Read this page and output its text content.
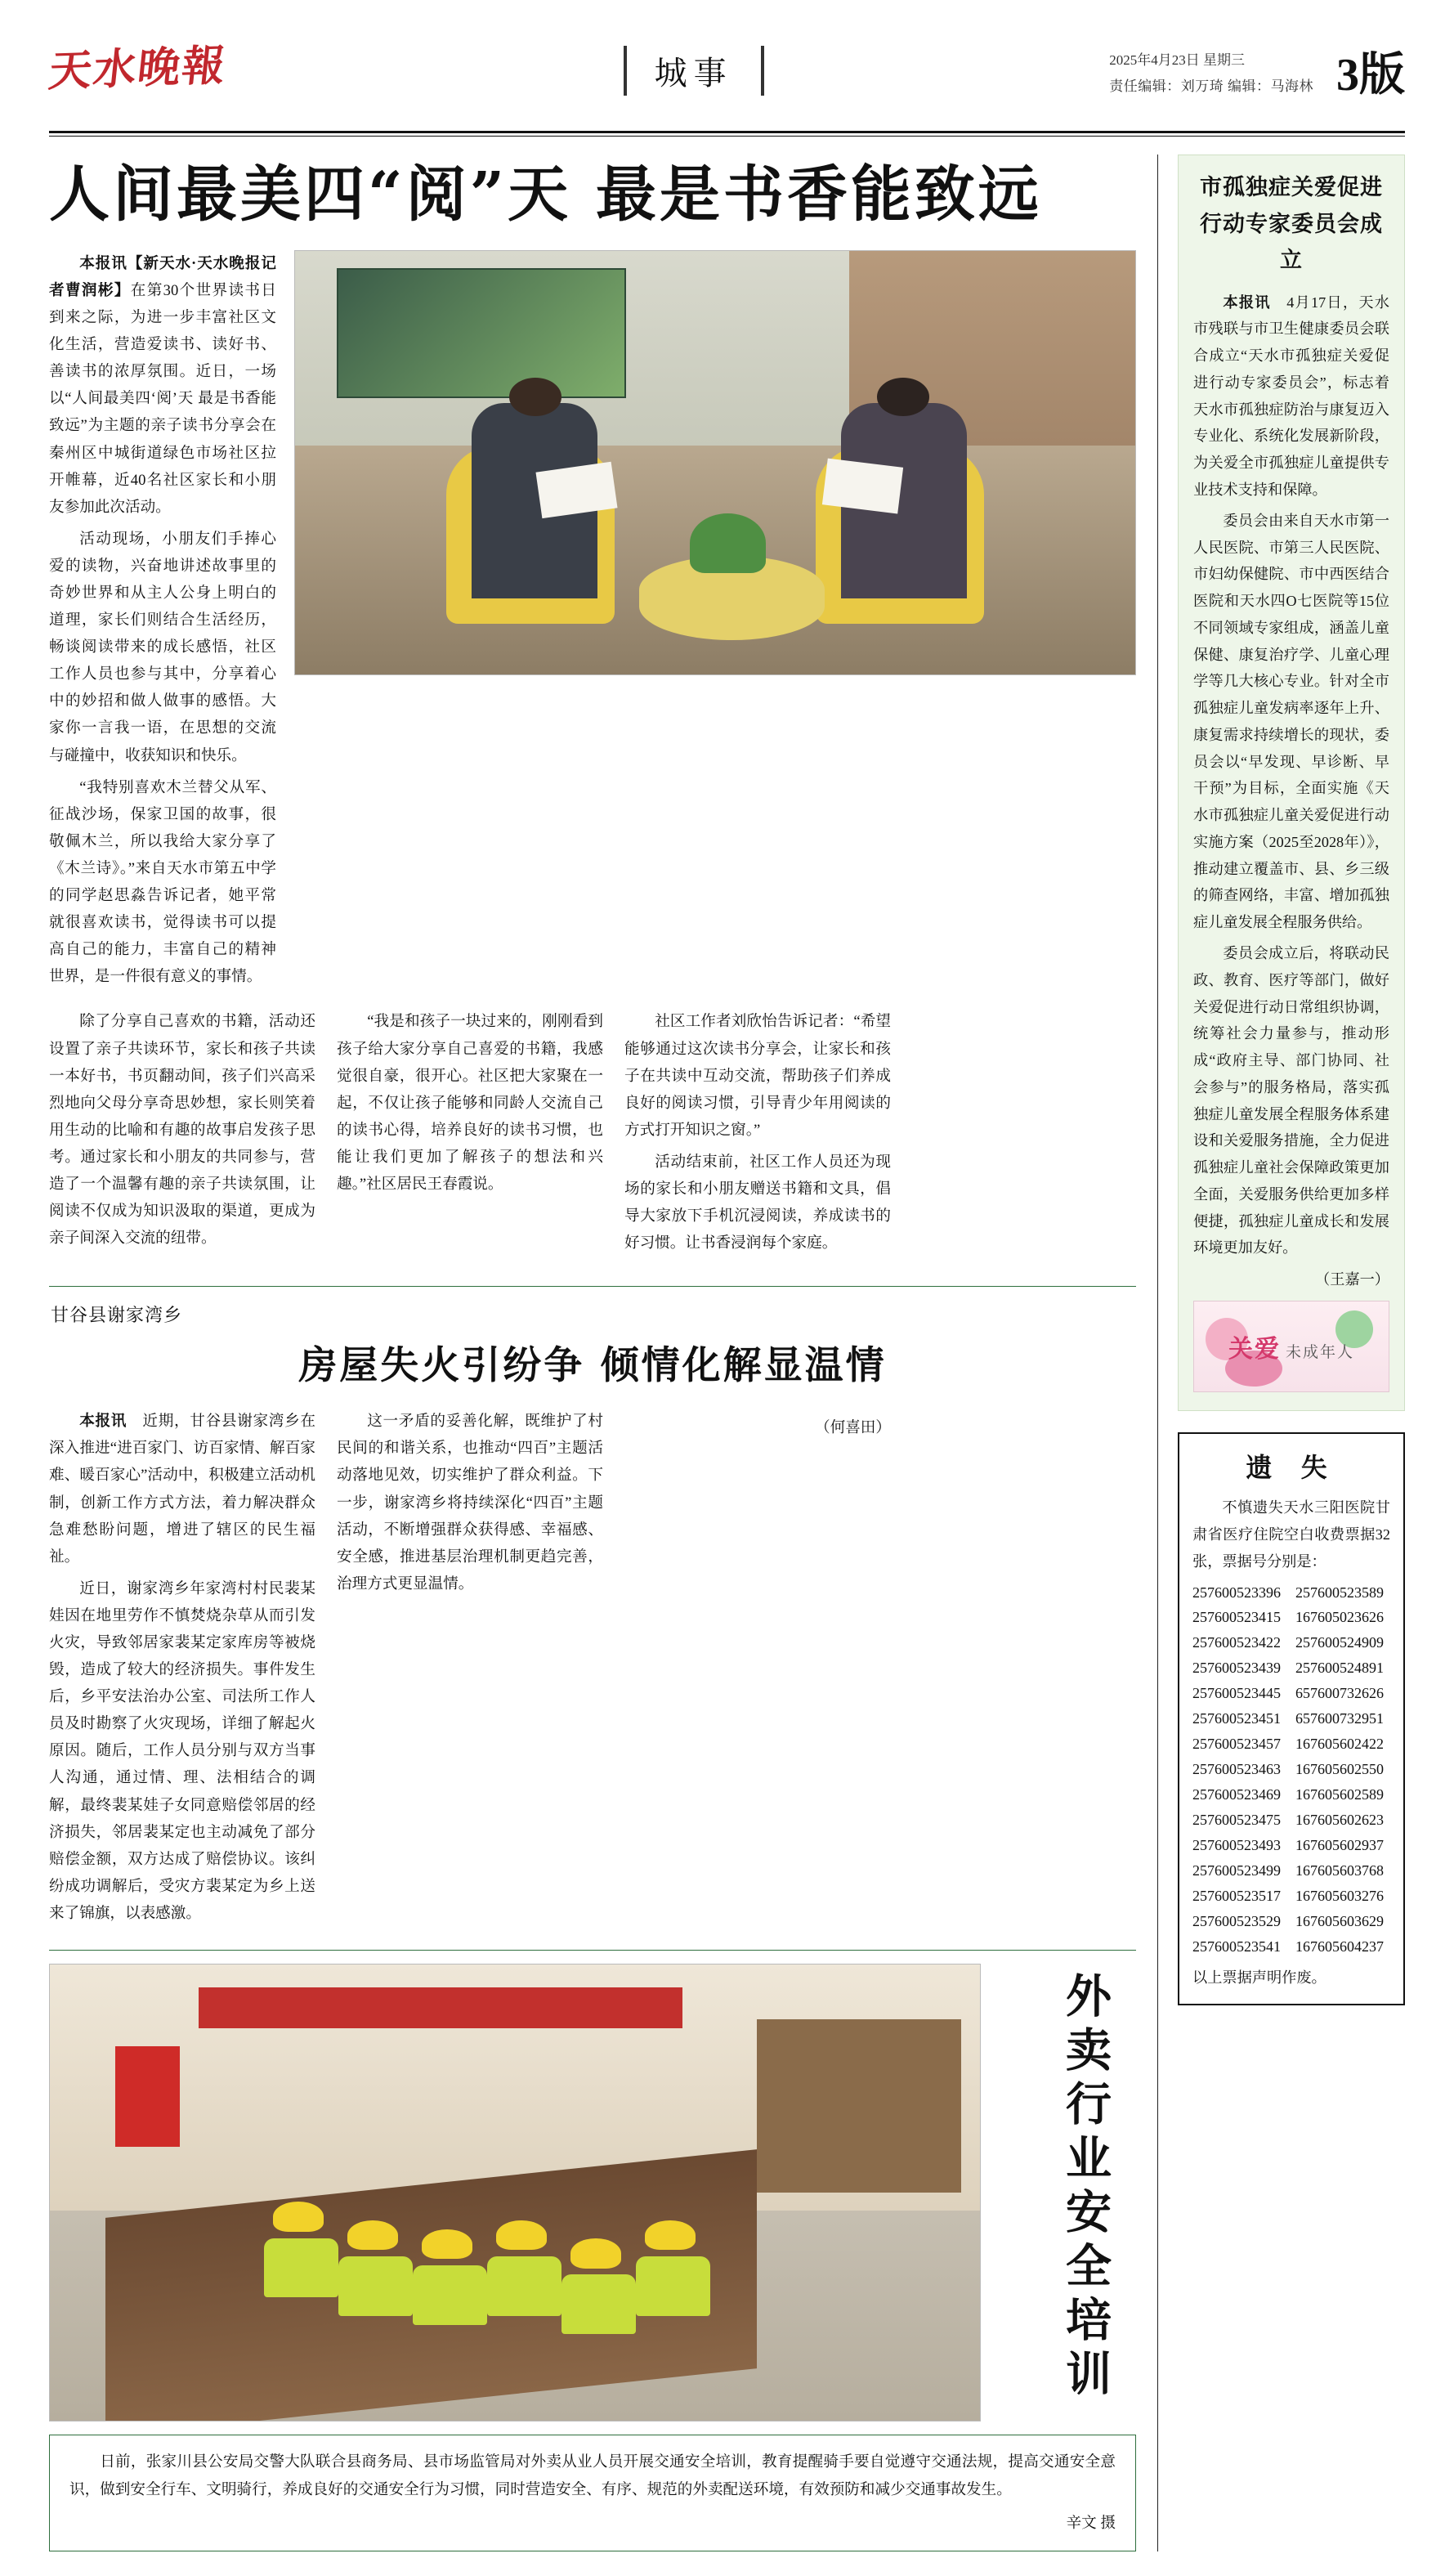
天水晚報	城事	2025年4月23日 星期三
责任编辑：刘万琦 编辑：马海林 3版
人间最美四“阅”天 最是书香能致远

本报讯【新天水·天水晚报记者曹润彬】在第30个世界读书日到来之际，为进一步丰富社区文化生活，营造爱读书、读好书、善读书的浓厚氛围。近日，一场以“人间最美四‘阅’天 最是书香能致远”为主题的亲子读书分享会在秦州区中城街道绿色市场社区拉开帷幕，近40名社区家长和小朋友参加此次活动。

活动现场，小朋友们手捧心爱的读物，兴奋地讲述故事里的奇妙世界和从主人公身上明白的道理，家长们则结合生活经历，畅谈阅读带来的成长感悟，社区工作人员也参与其中，分享着心中的妙招和做人做事的感悟。大家你一言我一语，在思想的交流与碰撞中，收获知识和快乐。

“我特别喜欢木兰替父从军、征战沙场，保家卫国的故事，很敬佩木兰，所以我给大家分享了《木兰诗》。”来自天水市第五中学的同学赵思淼告诉记者，她平常就很喜欢读书，觉得读书可以提高自己的能力，丰富自己的精神世界，是一件很有意义的事情。

除了分享自己喜欢的书籍，活动还设置了亲子共读环节，家长和孩子共读一本好书，书页翻动间，孩子们兴高采烈地向父母分享奇思妙想，家长则笑着用生动的比喻和有趣的故事启发孩子思考。通过家长和小朋友的共同参与，营造了一个温馨有趣的亲子共读氛围，让阅读不仅成为知识汲取的渠道，更成为亲子间深入交流的纽带。

“我是和孩子一块过来的，刚刚看到孩子给大家分享自己喜爱的书籍，我感觉很自豪，很开心。社区把大家聚在一起，不仅让孩子能够和同龄人交流自己的读书心得，培养良好的读书习惯，也能让我们更加了解孩子的想法和兴趣。”社区居民王春霞说。

社区工作者刘欣怡告诉记者：“希望能够通过这次读书分享会，让家长和孩子在共读中互动交流，帮助孩子们养成良好的阅读习惯，引导青少年用阅读的方式打开知识之窗。”

活动结束前，社区工作人员还为现场的家长和小朋友赠送书籍和文具，倡导大家放下手机沉浸阅读，养成读书的好习惯。让书香浸润每个家庭。

甘谷县谢家湾乡
房屋失火引纷争 倾情化解显温情

本报讯　 近期，甘谷县谢家湾乡在深入推进“进百家门、访百家情、解百家难、暖百家心”活动中，积极建立活动机制，创新工作方式方法，着力解决群众急难愁盼问题，增进了辖区的民生福祉。

近日，谢家湾乡年家湾村村民裴某娃因在地里劳作不慎焚烧杂草从而引发火灾，导致邻居家裴某定家库房等被烧毁，造成了较大的经济损失。事件发生后，乡平安法治办公室、司法所工作人员及时勘察了火灾现场，详细了解起火原因。随后，工作人员分别与双方当事人沟通，通过情、理、法相结合的调解，最终裴某娃子女同意赔偿邻居的经济损失，邻居裴某定也主动减免了部分赔偿金额，双方达成了赔偿协议。该纠纷成功调解后，受灾方裴某定为乡上送来了锦旗，以表感激。

这一矛盾的妥善化解，既维护了村民间的和谐关系，也推动“四百”主题活动落地见效，切实维护了群众利益。下一步，谢家湾乡将持续深化“四百”主题活动，不断增强群众获得感、幸福感、安全感，推进基层治理机制更趋完善，治理方式更显温情。

（何喜田）
外卖行业安全培训

日前，张家川县公安局交警大队联合县商务局、县市场监管局对外卖从业人员开展交通安全培训，教育提醒骑手要自觉遵守交通法规，提高交通安全意识，做到安全行车、文明骑行，养成良好的交通安全行为习惯，同时营造安全、有序、规范的外卖配送环境，有效预防和减少交通事故发生。

辛文 摄
市孤独症关爱促进行动专家委员会成立

本报讯　 4月17日，天水市残联与市卫生健康委员会联合成立“天水市孤独症关爱促进行动专家委员会”，标志着天水市孤独症防治与康复迈入专业化、系统化发展新阶段，为关爱全市孤独症儿童提供专业技术支持和保障。

委员会由来自天水市第一人民医院、市第三人民医院、市妇幼保健院、市中西医结合医院和天水四O七医院等15位不同领域专家组成，涵盖儿童保健、康复治疗学、儿童心理学等几大核心专业。针对全市孤独症儿童发病率逐年上升、康复需求持续增长的现状，委员会以“早发现、早诊断、早干预”为目标，全面实施《天水市孤独症儿童关爱促进行动实施方案（2025至2028年）》，推动建立覆盖市、县、乡三级的筛查网络，丰富、增加孤独症儿童发展全程服务供给。

委员会成立后，将联动民政、教育、医疗等部门，做好关爱促进行动日常组织协调，统筹社会力量参与，推动形成“政府主导、部门协同、社会参与”的服务格局，落实孤独症儿童发展全程服务体系建设和关爱服务措施，全力促进孤独症儿童社会保障政策更加全面，关爱服务供给更加多样便捷，孤独症儿童成长和发展环境更加友好。

（王嘉一）
关爱 未成年人
遗 失

不慎遗失天水三阳医院甘肃省医疗住院空白收费票据32张，票据号分别是：

257600523396	257600523589
257600523415	167605023626
257600523422	257600524909
257600523439	257600524891
257600523445	657600732626
257600523451	657600732951
257600523457	167605602422
257600523463	167605602550
257600523469	167605602589
257600523475	167605602623
257600523493	167605602937
257600523499	167605603768
257600523517	167605603276
257600523529	167605603629
257600523541	167605604237
以上票据声明作废。
